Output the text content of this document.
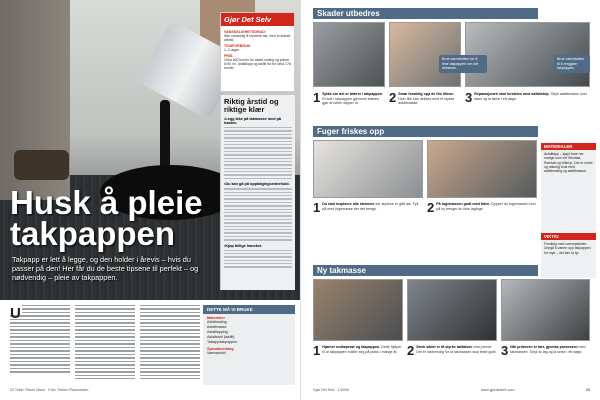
Husk å pleie
takpappen
Takpapp er lett å legge, og den holder i årevis – hvis du passer på den! Her får du de beste tipsene til perfekt – og nødvendig – pleie av takpappen.
Gjør Det Selv
VANSKELIGHETSGRAD:
Ikke vanskelig å reparere tak, men et skitnet arbeid.
TIDSFORBRUK:
1–2 dager
PRIS:
Cirka 800 kroner for asfalt-maling og primer til 50 m². Asfaltlapp og takfilt fra for cirka 178 kroner.
Riktig årstid og riktige klær
•Legg ikke på takmasse med på høsten.
•Du kan gå på oppfølgingsenbehold.
•Kjøp billige hansker.
U	DETTE MÅ VI BRUKE
Materialer
Asfaltmaling
Asfaltmasse
Asfaltlapping
Asfaltstoff (takfilt)
Taklapp/takpappen
Spesialverktøy
Varmepistol
22 Tekst: Randi Olsen · Foto: Torben Rasmussen
Skader utbedres
Bruk varmeluften for å lime takpappen om det behøves.
Bruk varmeluften til å rengjøre takpappen.
1 Sjekk om det er blærer i takpappen. Et kutt i takpappen gjennom blæren gjør at luften slipper ut.	2 Smør forsiktig opp de fire lillene. Hver lille kan dekkes med et stykke asfaltmasse.	3 Reparasjonen skal forsteles med asfaltstrip. Stryk asfaltmasse over taket og la tørke i ett døgn.
Fuger friskes opp
1 Du skal inspisere alle steinene der skylene er gått løs. Fyll på med fugemasse der det trengs.	2 På fugemassen godt med tiden. Dypper du fugemassen bort på ny trenger du ikke lagfuge.
MATERIALER
Asfaltlapp – kjøpt bare her mange som vet Windløs, Rambøl og Wittrup. Det er enkel og naturlig bruk med asfaltmaling og asfaltmasse.
VIKTIG
Forsiktig med varmepistolen. Unngå å varme opp takpappen for mye – det kan ta fyr.
Ny takmasse
1 Hjørner nedløpsrør og takpappen. Dette hjelper til at takpappen holder seg på plass i mange år. 2 Strek sådet er få styrke takfalsen med primer. Det er nødvendig for at takmassen skal feste godt. 3 Når primeren er tørr, gjentas prosessen med takmassen. Stryk to lag og la tørke i ett døgn.
Gjør Det Selv · 1/2008	www.gjordetselv.com	23
